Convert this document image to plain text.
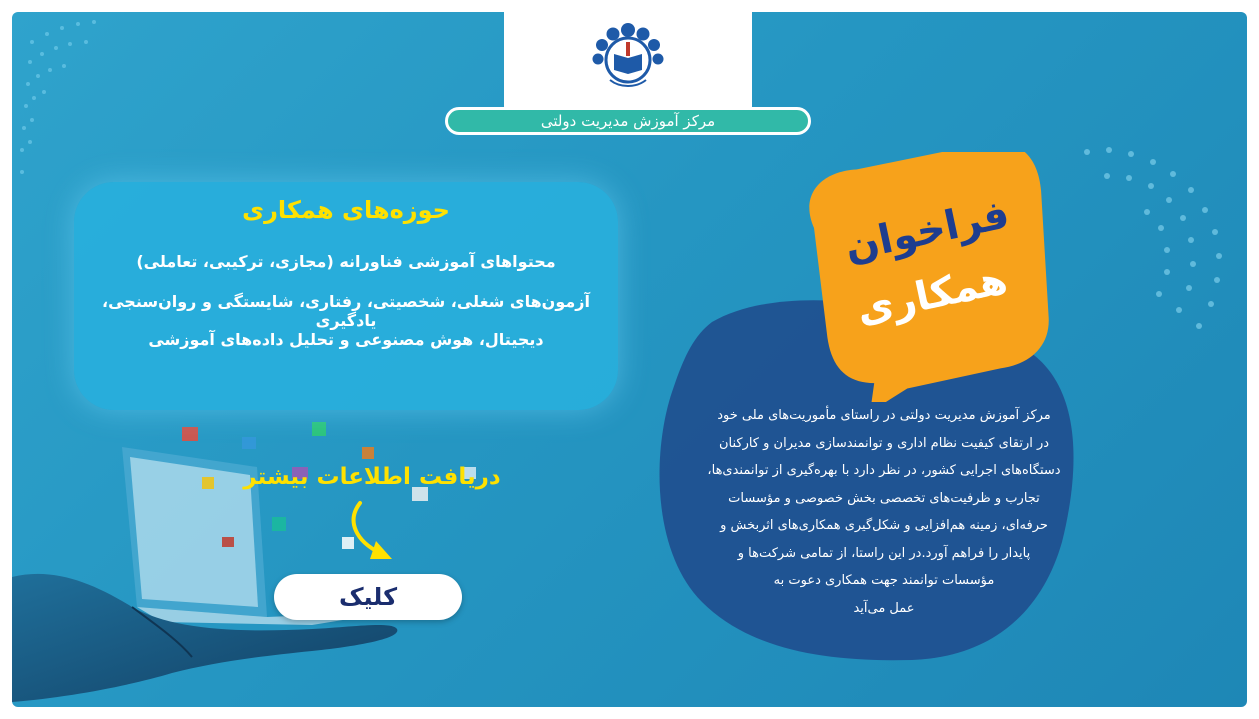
حوزه‌های همکاری
محتواهای آموزشی فناورانه (مجازی، ترکیبی، تعاملی)
آزمون‌های شغلی، شخصیتی، رفتاری، شایستگی و روان‌سنجی، یادگیری
دیجیتال، هوش مصنوعی و تحلیل داده‌های آموزشی
دریافت اطلاعات بیشتر
کلیک
فراخوان
همکاری
مرکز آموزش مدیریت دولتی در راستای مأموریت‌های ملی خود
در ارتقای کیفیت نظام اداری و توانمندسازی مدیران و کارکنان
دستگاه‌های اجرایی کشور، در نظر دارد با بهره‌گیری از توانمندی‌ها،
تجارب و ظرفیت‌های تخصصی بخش خصوصی و مؤسسات
حرفه‌ای، زمینه هم‌افزایی و شکل‌گیری همکاری‌های اثربخش و
پایدار را فراهم آورد.در این راستا، از تمامی شرکت‌ها و
مؤسسات توانمند جهت همکاری دعوت به
عمل می‌آید
مرکز آموزش مدیریت دولتی
